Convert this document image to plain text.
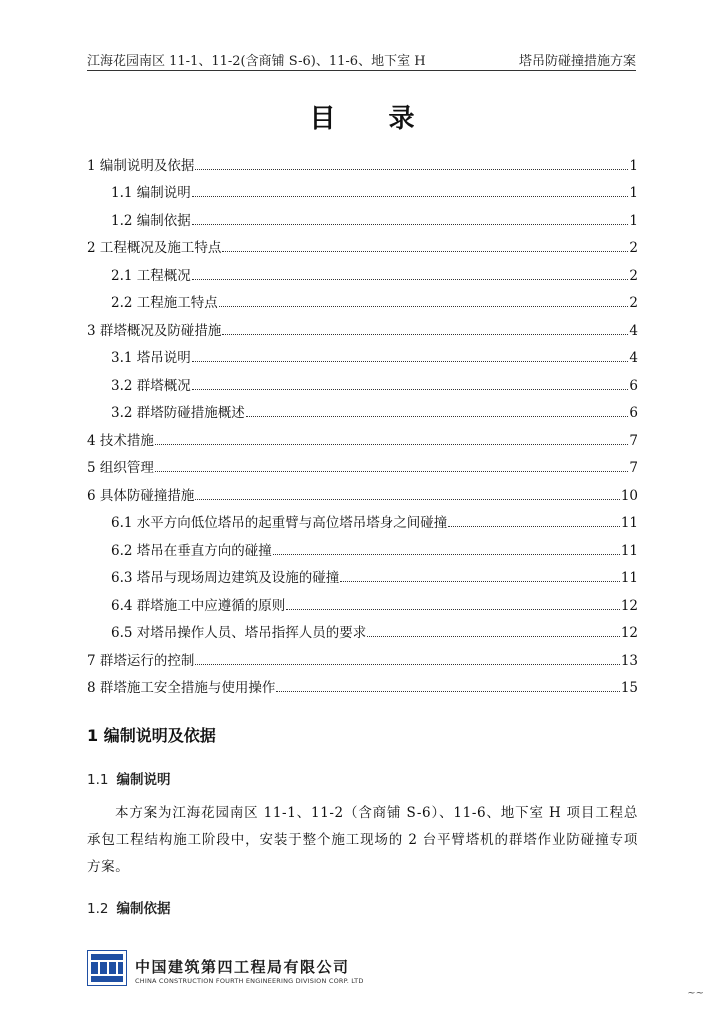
江海花园南区 11-1、11-2(含商铺 S-6)、11-6、地下室 H	塔吊防碰撞措施方案
目 录
1 编制说明及依据	1
1.1 编制说明	1
1.2 编制依据	1
2 工程概况及施工特点	2
2.1 工程概况	2
2.2 工程施工特点	2
3 群塔概况及防碰措施	4
3.1 塔吊说明	4
3.2 群塔概况	6
3.2 群塔防碰措施概述	6
4 技术措施	7
5 组织管理	7
6 具体防碰撞措施	10
6.1 水平方向低位塔吊的起重臂与高位塔吊塔身之间碰撞	11
6.2 塔吊在垂直方向的碰撞	11
6.3 塔吊与现场周边建筑及设施的碰撞	11
6.4 群塔施工中应遵循的原则	12
6.5 对塔吊操作人员、塔吊指挥人员的要求	12
7 群塔运行的控制	13
8 群塔施工安全措施与使用操作	15
1 编制说明及依据
1.1 编制说明
本方案为江海花园南区 11-1、11-2（含商铺 S-6）、11-6、地下室 H 项目工程总承包工程结构施工阶段中，安装于整个施工现场的 2 台平臂塔机的群塔作业防碰撞专项方案。
1.2 编制依据
中国建筑第四工程局有限公司
CHINA CONSTRUCTION FOURTH ENGINEERING DIVISION CORP. LTD
~~
